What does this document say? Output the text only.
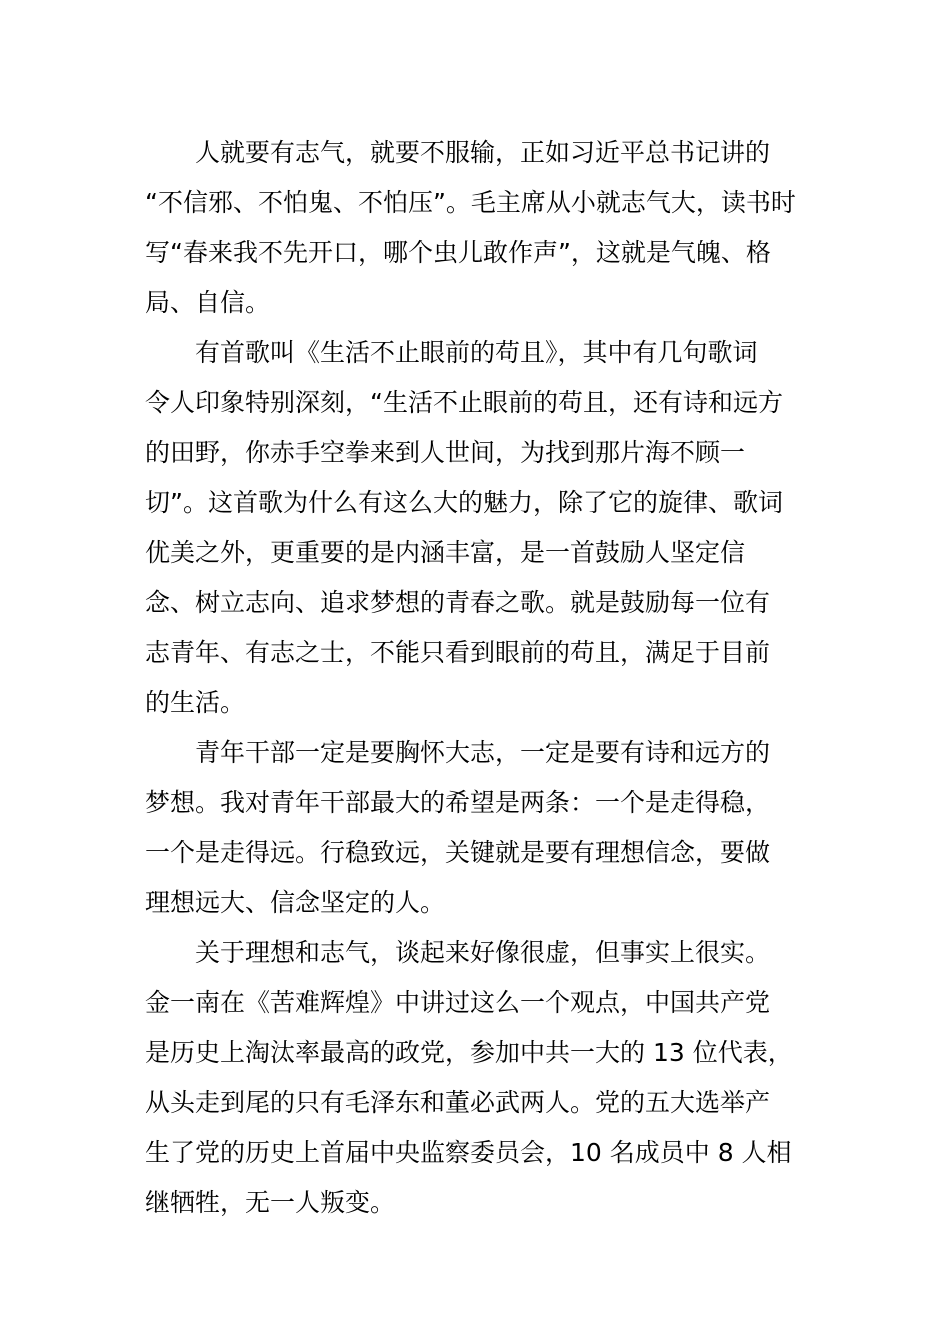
人就要有志气，就要不服输，正如习近平总书记讲的
“不信邪、不怕鬼、不怕压”。毛主席从小就志气大，读书时
写“春来我不先开口，哪个虫儿敢作声”，这就是气魄、格
局、自信。
有首歌叫《生活不止眼前的苟且》，其中有几句歌词
令人印象特别深刻，“生活不止眼前的苟且，还有诗和远方
的田野，你赤手空拳来到人世间，为找到那片海不顾一
切”。这首歌为什么有这么大的魅力，除了它的旋律、歌词
优美之外，更重要的是内涵丰富，是一首鼓励人坚定信
念、树立志向、追求梦想的青春之歌。就是鼓励每一位有
志青年、有志之士，不能只看到眼前的苟且，满足于目前
的生活。
青年干部一定是要胸怀大志，一定是要有诗和远方的
梦想。我对青年干部最大的希望是两条：一个是走得稳，
一个是走得远。行稳致远，关键就是要有理想信念，要做
理想远大、信念坚定的人。
关于理想和志气，谈起来好像很虚，但事实上很实。
金一南在《苦难辉煌》中讲过这么一个观点，中国共产党
是历史上淘汰率最高的政党，参加中共一大的 13 位代表，
从头走到尾的只有毛泽东和董必武两人。党的五大选举产
生了党的历史上首届中央监察委员会，10 名成员中 8 人相
继牺牲，无一人叛变。
